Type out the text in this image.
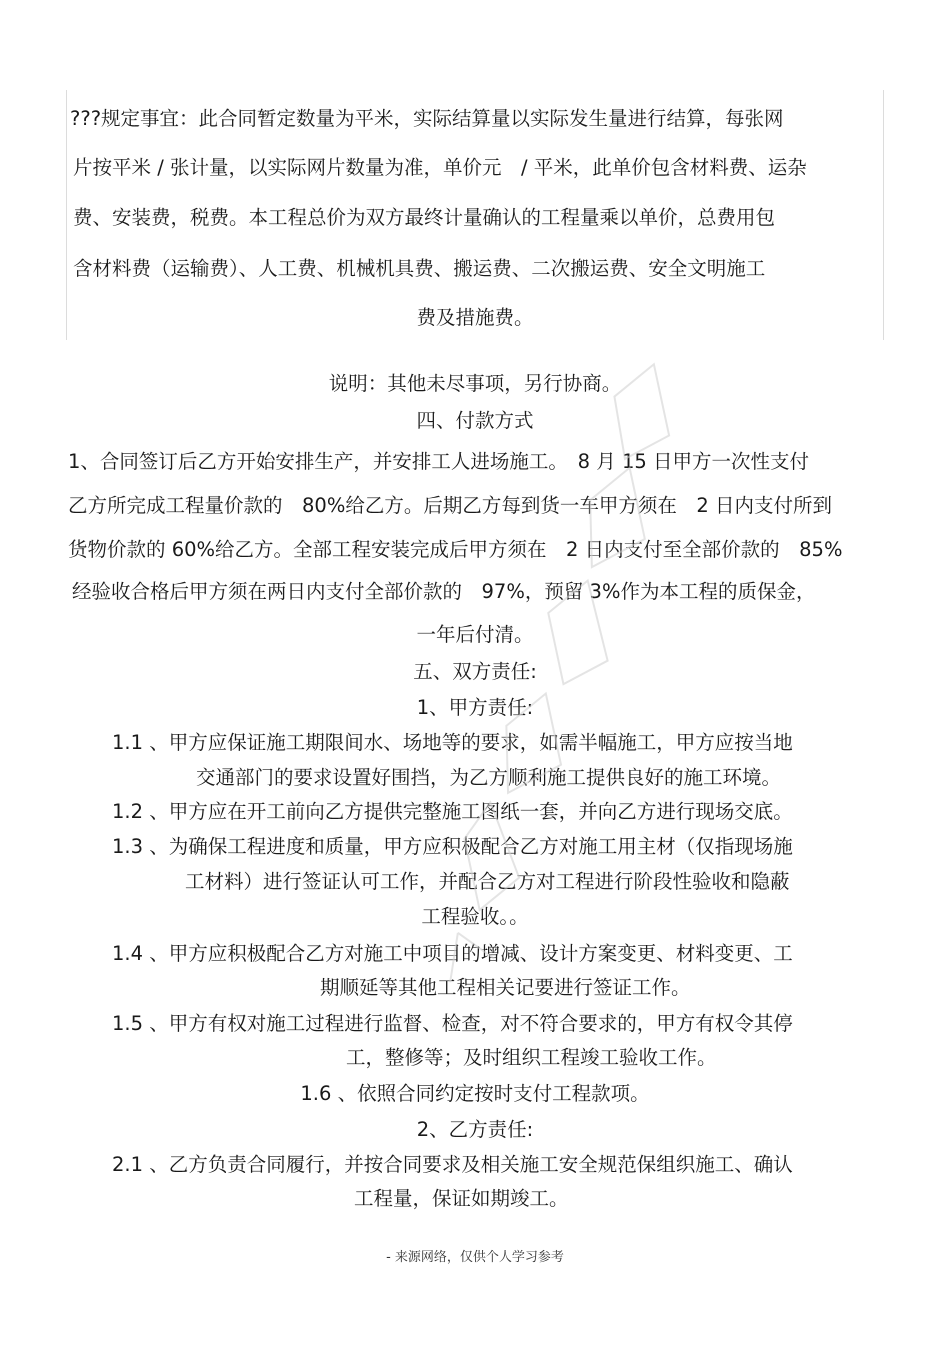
???规定事宜：此合同暂定数量为平米，实际结算量以实际发生量进行结算，每张网
片按平米 / 张计量，以实际网片数量为准，单价元　/ 平米，此单价包含材料费、运杂
费、安装费，税费。本工程总价为双方最终计量确认的工程量乘以单价，总费用包
含材料费（运输费）、人工费、机械机具费、搬运费、二次搬运费、安全文明施工
费及措施费。
说明：其他未尽事项，另行协商。
四、付款方式
1、合同签订后乙方开始安排生产，并安排工人进场施工。　8 月 15 日甲方一次性支付
乙方所完成工程量价款的　80%给乙方。后期乙方每到货一车甲方须在　2 日内支付所到
货物价款的 60%给乙方。全部工程安装完成后甲方须在　2 日内支付至全部价款的　85%
经验收合格后甲方须在两日内支付全部价款的　97%，预留 3%作为本工程的质保金，
一年后付清。
五、双方责任:
1、甲方责任:
1.1 、甲方应保证施工期限间水、场地等的要求，如需半幅施工，甲方应按当地
交通部门的要求设置好围挡，为乙方顺利施工提供良好的施工环境。
1.2 、甲方应在开工前向乙方提供完整施工图纸一套，并向乙方进行现场交底。
1.3 、为确保工程进度和质量，甲方应积极配合乙方对施工用主材（仅指现场施
工材料）进行签证认可工作，并配合乙方对工程进行阶段性验收和隐蔽
工程验收。。
1.4 、甲方应积极配合乙方对施工中项目的增减、设计方案变更、材料变更、工
期顺延等其他工程相关记要进行签证工作。
1.5 、甲方有权对施工过程进行监督、检查，对不符合要求的，甲方有权令其停
工，整修等；及时组织工程竣工验收工作。
1.6 、依照合同约定按时支付工程款项。
2、乙方责任:
2.1 、乙方负责合同履行，并按合同要求及相关施工安全规范保组织施工、确认
工程量，保证如期竣工。
- 来源网络，仅供个人学习参考
